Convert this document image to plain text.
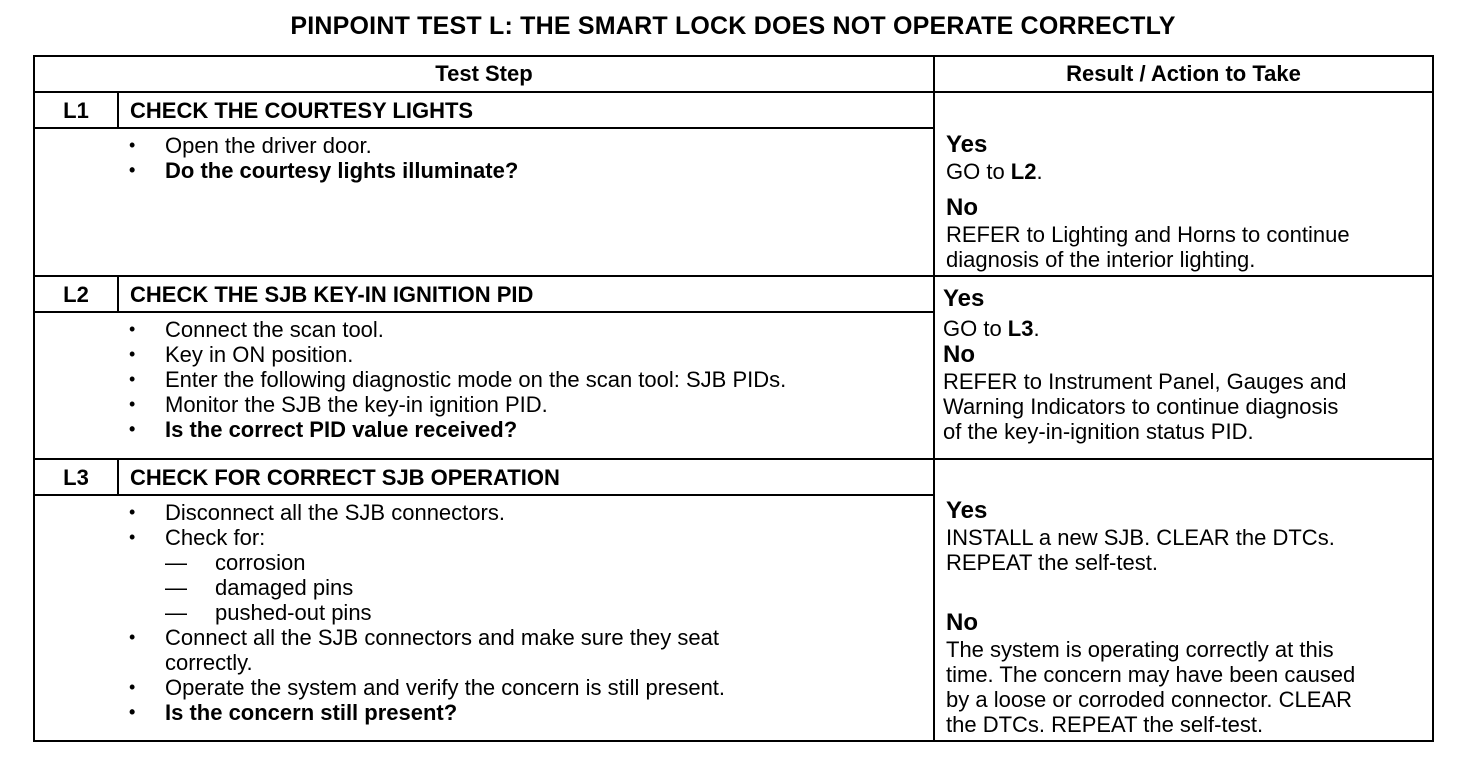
PINPOINT TEST L: THE SMART LOCK DOES NOT OPERATE CORRECTLY
Test Step	Result / Action to Take
L1	CHECK THE COURTESY LIGHTS
• Open the driver door.
• Do the courtesy lights illuminate?
Yes
GO to L2.
No
REFER to Lighting and Horns to continue
diagnosis of the interior lighting.
L2	CHECK THE SJB KEY-IN IGNITION PID
• Connect the scan tool.
• Key in ON position.
• Enter the following diagnostic mode on the scan tool: SJB PIDs.
• Monitor the SJB the key-in ignition PID.
• Is the correct PID value received?
Yes
GO to L3.
No
REFER to Instrument Panel, Gauges and
Warning Indicators to continue diagnosis
of the key-in-ignition status PID.
L3	CHECK FOR CORRECT SJB OPERATION
• Disconnect all the SJB connectors.
• Check for:
— corrosion
— damaged pins
— pushed-out pins
• Connect all the SJB connectors and make sure they seat
correctly.
• Operate the system and verify the concern is still present.
• Is the concern still present?
Yes
INSTALL a new SJB. CLEAR the DTCs.
REPEAT the self-test.
No
The system is operating correctly at this
time. The concern may have been caused
by a loose or corroded connector. CLEAR
the DTCs. REPEAT the self-test.
